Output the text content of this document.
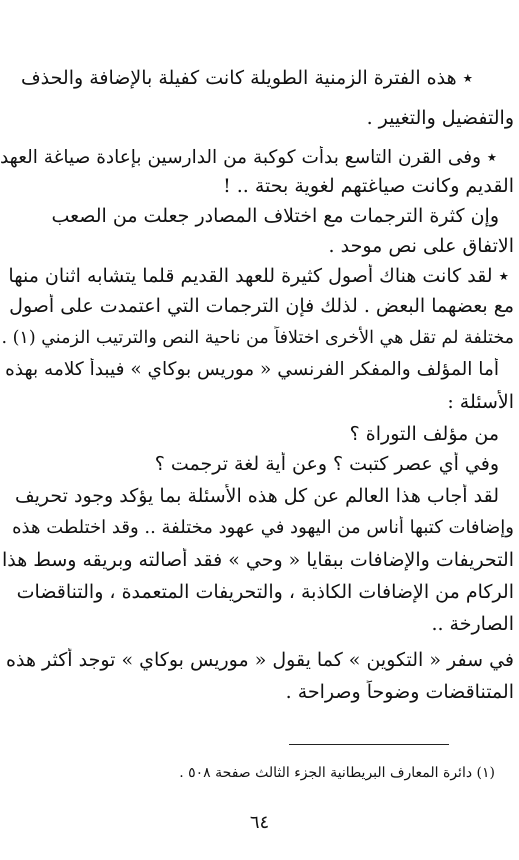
٭ هذه الفترة الزمنية الطويلة كانت كفيلة بالإضافة والحذف
والتفضيل والتغيير .
٭ وفى القرن التاسع بدأت كوكبة من الدارسين بإعادة صياغة العهد
القديم وكانت صياغتهم لغوية بحتة .. !
وإن كثرة الترجمات مع اختلاف المصادر جعلت من الصعب
الاتفاق على نص موحد .
٭ لقد كانت هناك أصول كثيرة للعهد القديم قلما يتشابه اثنان منها
مع بعضهما البعض . لذلك فإن الترجمات التي اعتمدت على أصول
مختلفة لم تقل هي الأخرى اختلافاً من ناحية النص والترتيب الزمني (١) .
أما المؤلف والمفكر الفرنسي « موريس بوكاي » فيبدأ كلامه بهذه
الأسئلة :
من مؤلف التوراة ؟
وفي أي عصر كتبت ؟ وعن أية لغة ترجمت ؟
لقد أجاب هذا العالم عن كل هذه الأسئلة بما يؤكد وجود تحريف
وإضافات كتبها أناس من اليهود في عهود مختلفة .. وقد اختلطت هذه
التحريفات والإضافات ببقايا « وحي » فقد أصالته وبريقه وسط هذا
الركام من الإضافات الكاذبة ، والتحريفات المتعمدة ، والتناقضات
الصارخة ..
في سفر « التكوين » كما يقول « موريس بوكاي » توجد أكثر هذه
المتناقضات وضوحاً وصراحة .
(١) دائرة المعارف البريطانية الجزء الثالث صفحة ٥٠٨ .
٦٤
